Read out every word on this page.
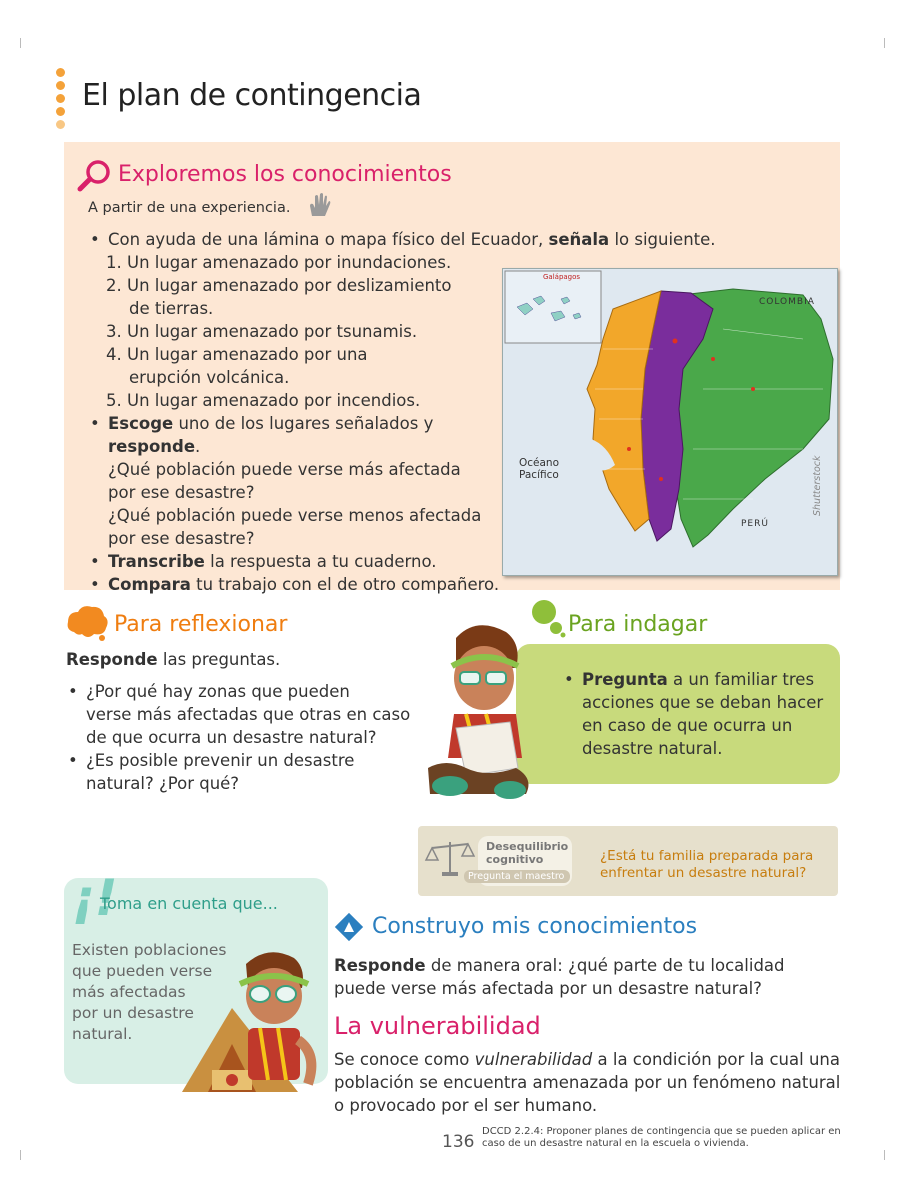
El plan de contingencia
Exploremos los conocimientos
A partir de una experiencia.
• Con ayuda de una lámina o mapa físico del Ecuador, señala lo siguiente.
1. Un lugar amenazado por inundaciones.
2. Un lugar amenazado por deslizamiento
de tierras.
3. Un lugar amenazado por tsunamis.
4. Un lugar amenazado por una
erupción volcánica.
5. Un lugar amenazado por incendios.
• Escoge uno de los lugares señalados y responde.
¿Qué población puede verse más afectada
por ese desastre?
¿Qué población puede verse menos afectada
por ese desastre?
• Transcribe la respuesta a tu cuaderno.
• Compara tu trabajo con el de otro compañero.
Galápagos
COLOMBIA
PERÚ
Océano
Pacífico	Shutterstock
Para reflexionar
Responde las preguntas.
• ¿Por qué hay zonas que pueden
verse más afectadas que otras en caso
de que ocurra un desastre natural?
• ¿Es posible prevenir un desastre
natural? ¿Por qué?
Para indagar
• Pregunta a un familiar tres
acciones que se deban hacer
en caso de que ocurra un
desastre natural.
Desequilibrio
cognitivo
Pregunta el maestro
¿Está tu familia preparada para
enfrentar un desastre natural?
¡!
Toma en cuenta que...
Existen poblaciones
que pueden verse
más afectadas
por un desastre
natural.
Construyo mis conocimientos
Responde de manera oral: ¿qué parte de tu localidad
puede verse más afectada por un desastre natural?
La vulnerabilidad
Se conoce como vulnerabilidad a la condición por la cual una
población se encuentra amenazada por un fenómeno natural
o provocado por el ser humano.
136
DCCD 2.2.4: Proponer planes de contingencia que se pueden aplicar en caso de un desastre natural en la escuela o vivienda.
